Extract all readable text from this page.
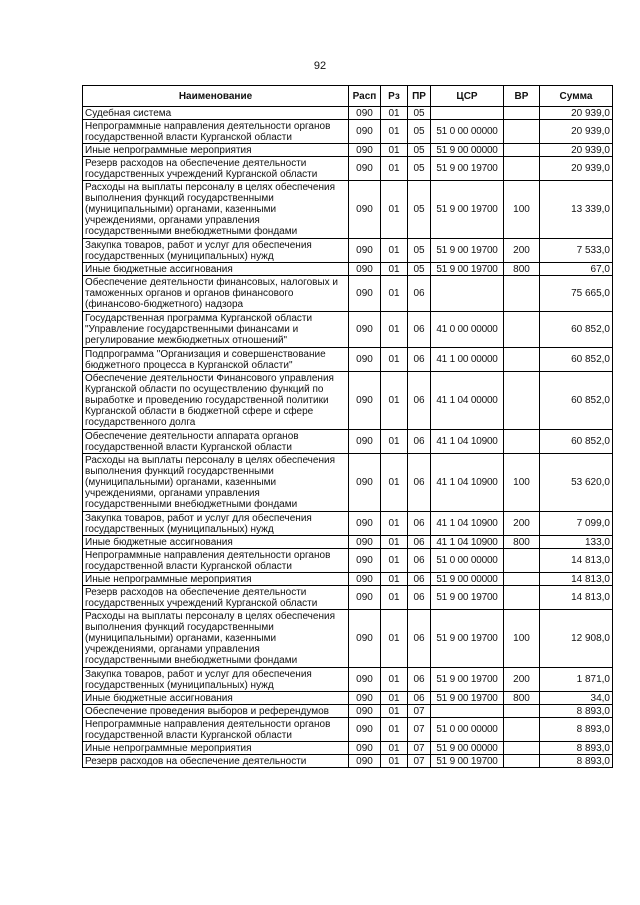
92
Наименование	Расп	Рз	ПР	ЦСР	ВР	Сумма
Судебная система	090	01	05			20 939,0
Непрограммные направления деятельности органов государственной власти Курганской области	090	01	05	51 0 00 00000		20 939,0
Иные непрограммные мероприятия	090	01	05	51 9 00 00000		20 939,0
Резерв расходов на обеспечение деятельности государственных учреждений Курганской области	090	01	05	51 9 00 19700		20 939,0
Расходы на выплаты персоналу в целях обеспечения выполнения функций государственными (муниципальными) органами, казенными учреждениями, органами управления государственными внебюджетными фондами	090	01	05	51 9 00 19700	100	13 339,0
Закупка товаров, работ и услуг для обеспечения государственных (муниципальных) нужд	090	01	05	51 9 00 19700	200	7 533,0
Иные бюджетные ассигнования	090	01	05	51 9 00 19700	800	67,0
Обеспечение деятельности финансовых, налоговых и таможенных органов и органов финансового (финансово-бюджетного) надзора	090	01	06			75 665,0
Государственная программа Курганской области "Управление государственными финансами и регулирование межбюджетных отношений"	090	01	06	41 0 00 00000		60 852,0
Подпрограмма "Организация и совершенствование бюджетного процесса в Курганской области"	090	01	06	41 1 00 00000		60 852,0
Обеспечение деятельности Финансового управления Курганской области по осуществлению функций по выработке и проведению государственной политики Курганской области в бюджетной сфере и сфере государственного долга	090	01	06	41 1 04 00000		60 852,0
Обеспечение деятельности аппарата органов государственной власти Курганской области	090	01	06	41 1 04 10900		60 852,0
Расходы на выплаты персоналу в целях обеспечения выполнения функций государственными (муниципальными) органами, казенными учреждениями, органами управления государственными внебюджетными фондами	090	01	06	41 1 04 10900	100	53 620,0
Закупка товаров, работ и услуг для обеспечения государственных (муниципальных) нужд	090	01	06	41 1 04 10900	200	7 099,0
Иные бюджетные ассигнования	090	01	06	41 1 04 10900	800	133,0
Непрограммные направления деятельности органов государственной власти Курганской области	090	01	06	51 0 00 00000		14 813,0
Иные непрограммные мероприятия	090	01	06	51 9 00 00000		14 813,0
Резерв расходов на обеспечение деятельности государственных учреждений Курганской области	090	01	06	51 9 00 19700		14 813,0
Расходы на выплаты персоналу в целях обеспечения выполнения функций государственными (муниципальными) органами, казенными учреждениями, органами управления государственными внебюджетными фондами	090	01	06	51 9 00 19700	100	12 908,0
Закупка товаров, работ и услуг для обеспечения государственных (муниципальных) нужд	090	01	06	51 9 00 19700	200	1 871,0
Иные бюджетные ассигнования	090	01	06	51 9 00 19700	800	34,0
Обеспечение проведения выборов и референдумов	090	01	07			8 893,0
Непрограммные направления деятельности органов государственной власти Курганской области	090	01	07	51 0 00 00000		8 893,0
Иные непрограммные мероприятия	090	01	07	51 9 00 00000		8 893,0
Резерв расходов на обеспечение деятельности	090	01	07	51 9 00 19700		8 893,0
